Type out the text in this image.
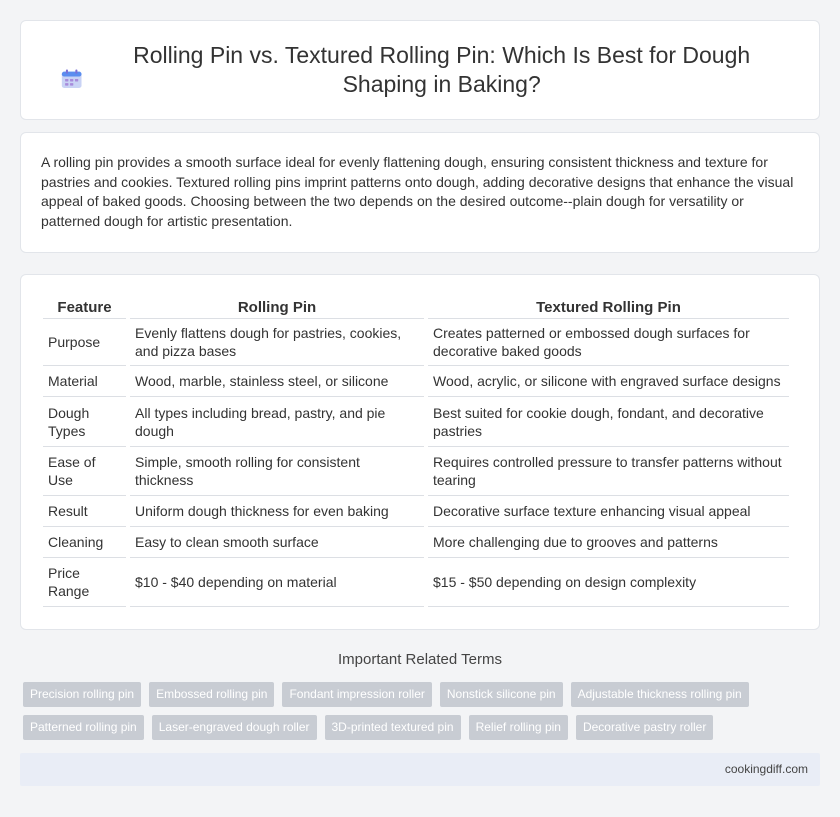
Rolling Pin vs. Textured Rolling Pin: Which Is Best for Dough Shaping in Baking?

A rolling pin provides a smooth surface ideal for evenly flattening dough, ensuring consistent thickness and texture for pastries and cookies. Textured rolling pins imprint patterns onto dough, adding decorative designs that enhance the visual appeal of baked goods. Choosing between the two depends on the desired outcome--plain dough for versatility or patterned dough for artistic presentation.

Feature	Rolling Pin	Textured Rolling Pin
Purpose	Evenly flattens dough for pastries, cookies, and pizza bases	Creates patterned or embossed dough surfaces for decorative baked goods
Material	Wood, marble, stainless steel, or silicone	Wood, acrylic, or silicone with engraved surface designs
Dough Types	All types including bread, pastry, and pie dough	Best suited for cookie dough, fondant, and decorative pastries
Ease of Use	Simple, smooth rolling for consistent thickness	Requires controlled pressure to transfer patterns without tearing
Result	Uniform dough thickness for even baking	Decorative surface texture enhancing visual appeal
Cleaning	Easy to clean smooth surface	More challenging due to grooves and patterns
Price Range	$10 - $40 depending on material	$15 - $50 depending on design complexity
Important Related Terms
Precision rolling pin	Embossed rolling pin	Fondant impression roller	Nonstick silicone pin	Adjustable thickness rolling pin
Patterned rolling pin	Laser-engraved dough roller	3D-printed textured pin	Relief rolling pin	Decorative pastry roller
cookingdiff.com
